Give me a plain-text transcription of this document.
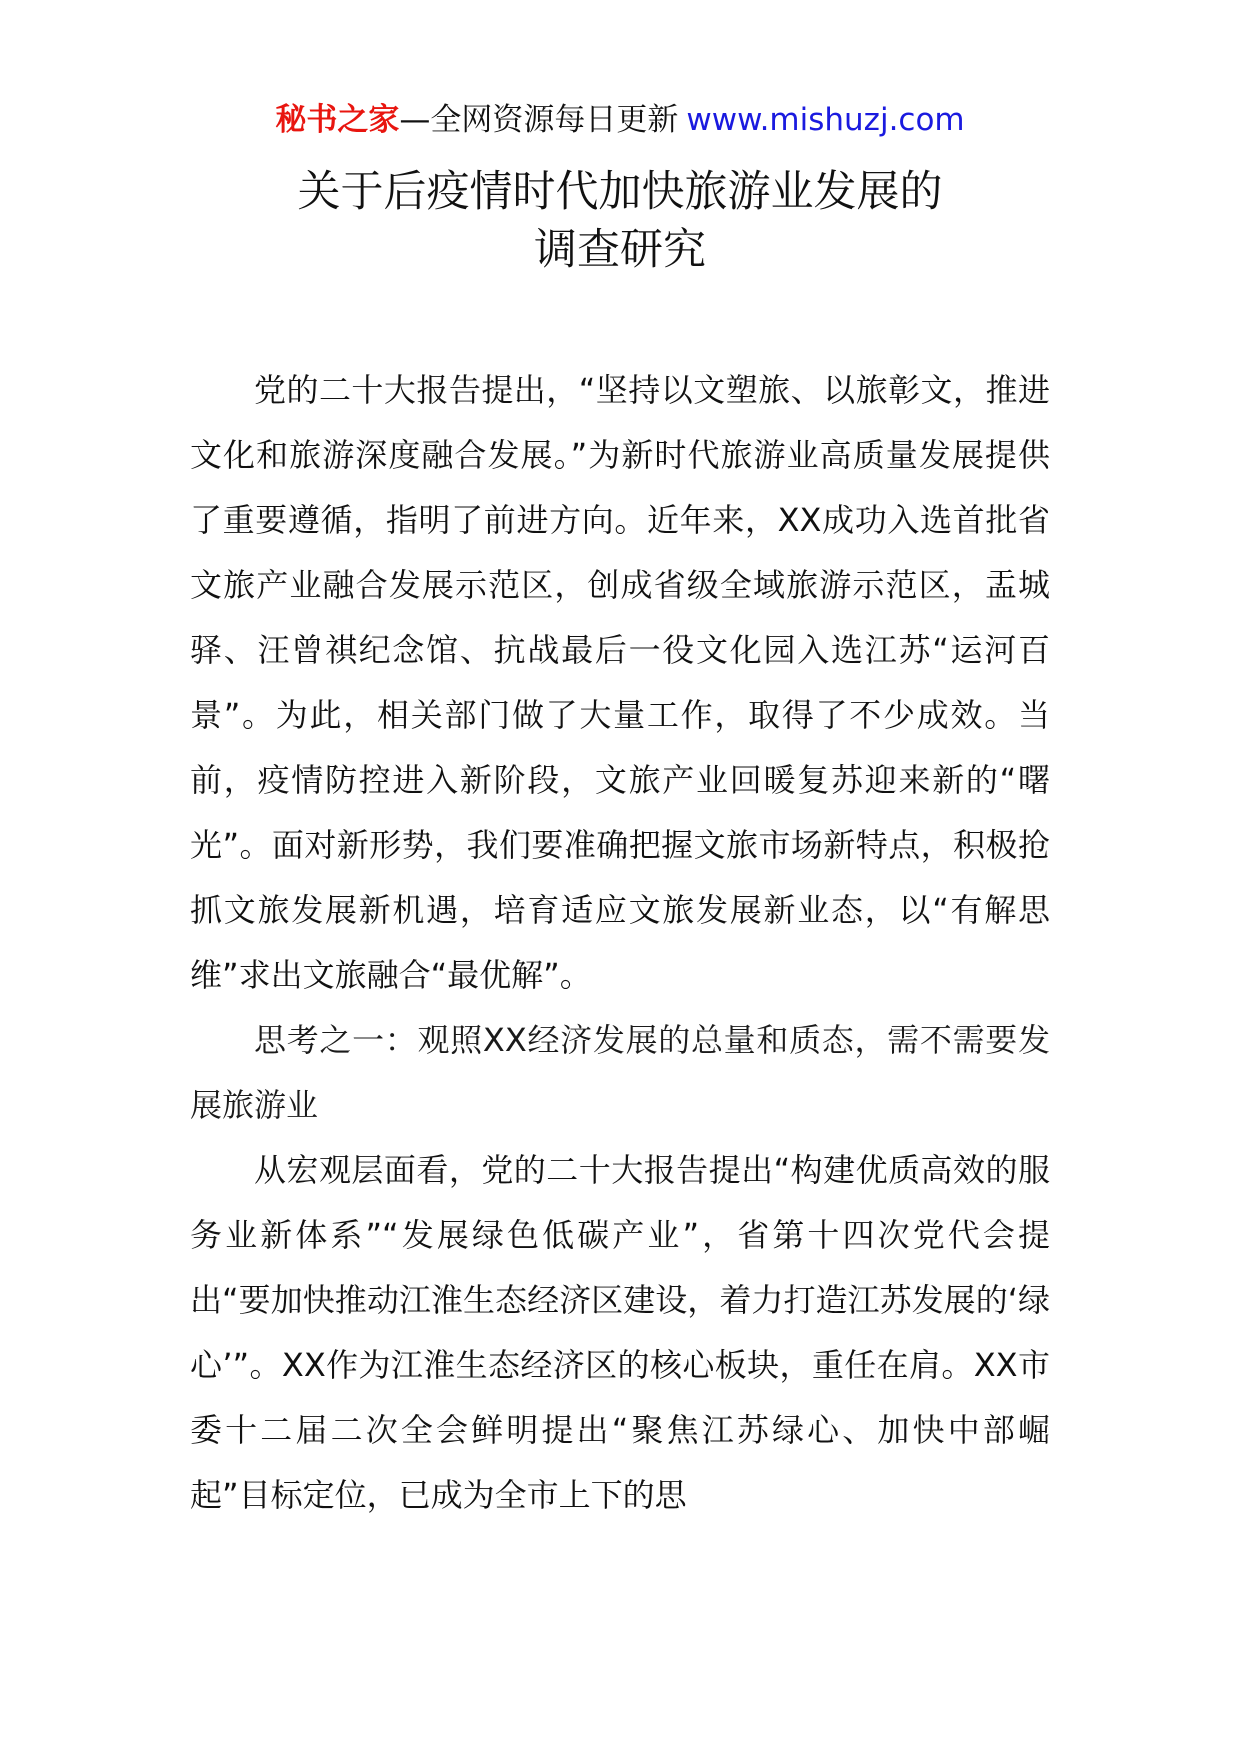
秘书之家—全网资源每日更新 www.mishuzj.com
关于后疫情时代加快旅游业发展的
调查研究

党的二十大报告提出，“坚持以文塑旅、以旅彰文，推进文化和旅游深度融合发展。”为新时代旅游业高质量发展提供了重要遵循，指明了前进方向。近年来，XX成功入选首批省文旅产业融合发展示范区，创成省级全域旅游示范区，盂城驿、汪曾祺纪念馆、抗战最后一役文化园入选江苏“运河百景”。为此，相关部门做了大量工作，取得了不少成效。当前，疫情防控进入新阶段，文旅产业回暖复苏迎来新的“曙光”。面对新形势，我们要准确把握文旅市场新特点，积极抢抓文旅发展新机遇，培育适应文旅发展新业态，以“有解思维”求出文旅融合“最优解”。

思考之一：观照XX经济发展的总量和质态，需不需要发展旅游业

从宏观层面看，党的二十大报告提出“构建优质高效的服务业新体系”“发展绿色低碳产业”，省第十四次党代会提出“要加快推动江淮生态经济区建设，着力打造江苏发展的‘绿心’”。XX作为江淮生态经济区的核心板块，重任在肩。XX市委十二届二次全会鲜明提出“聚焦江苏绿心、加快中部崛起”目标定位，已成为全市上下的思
